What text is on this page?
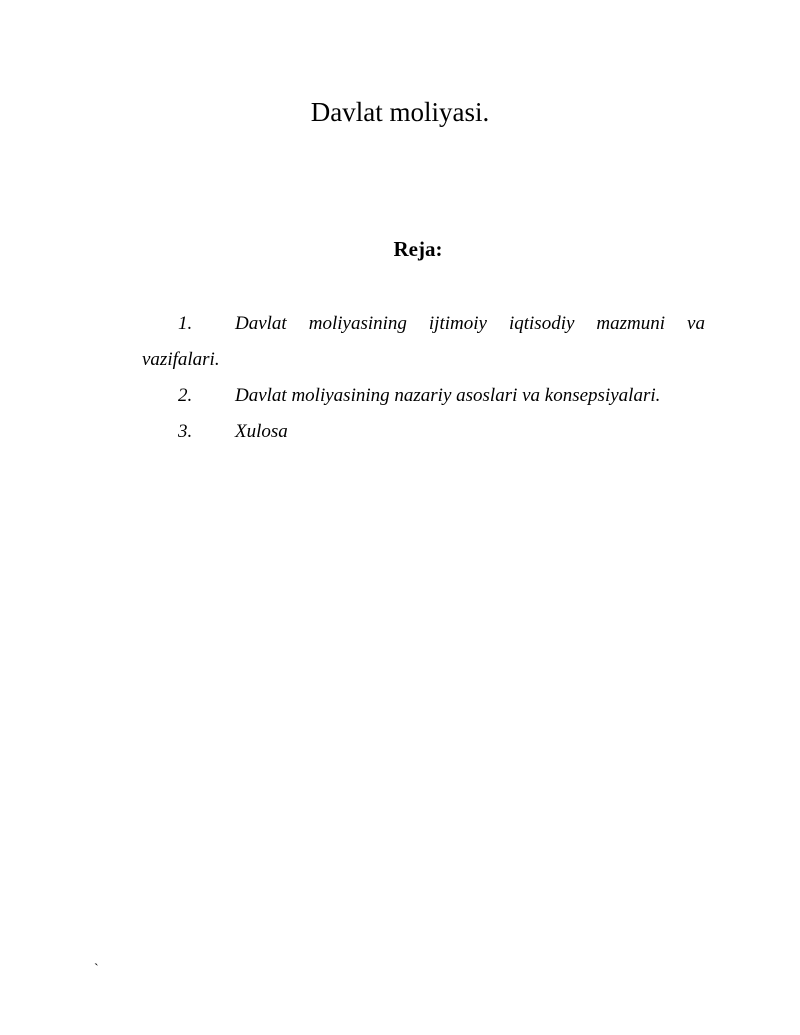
Davlat moliyasi.
Reja:
1. Davlat moliyasining ijtimoiy iqtisodiy mazmuni va
vazifalari.
2. Davlat moliyasining nazariy asoslari va konsepsiyalari.
3. Xulosa
`
